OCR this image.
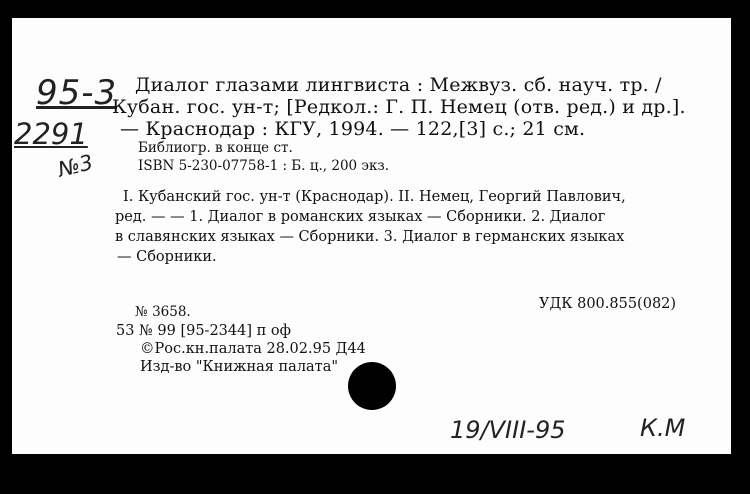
95-3
2291
№3
Диалог глазами лингвиста : Межвуз. сб. науч. тр. /
Кубан. гос. ун-т; [Редкол.: Г. П. Немец (отв. ред.) и др.].
— Краснодар : КГУ, 1994. — 122,[3] с.; 21 см.
Библиогр. в конце ст.
ISBN 5-230-07758-1 : Б. ц., 200 экз.
I. Кубанский гос. ун-т (Краснодар). II. Немец, Георгий Павлович,
ред. — — 1. Диалог в романских языках — Сборники. 2. Диалог
в славянских языках — Сборники. 3. Диалог в германских языках
— Сборники.
№ 3658.	УДК 800.855(082)
53 № 99 [95-2344] п оф
©Рос.кн.палата 28.02.95 Д44
Изд-во "Книжная палата"
19/VIII-95	К.М
